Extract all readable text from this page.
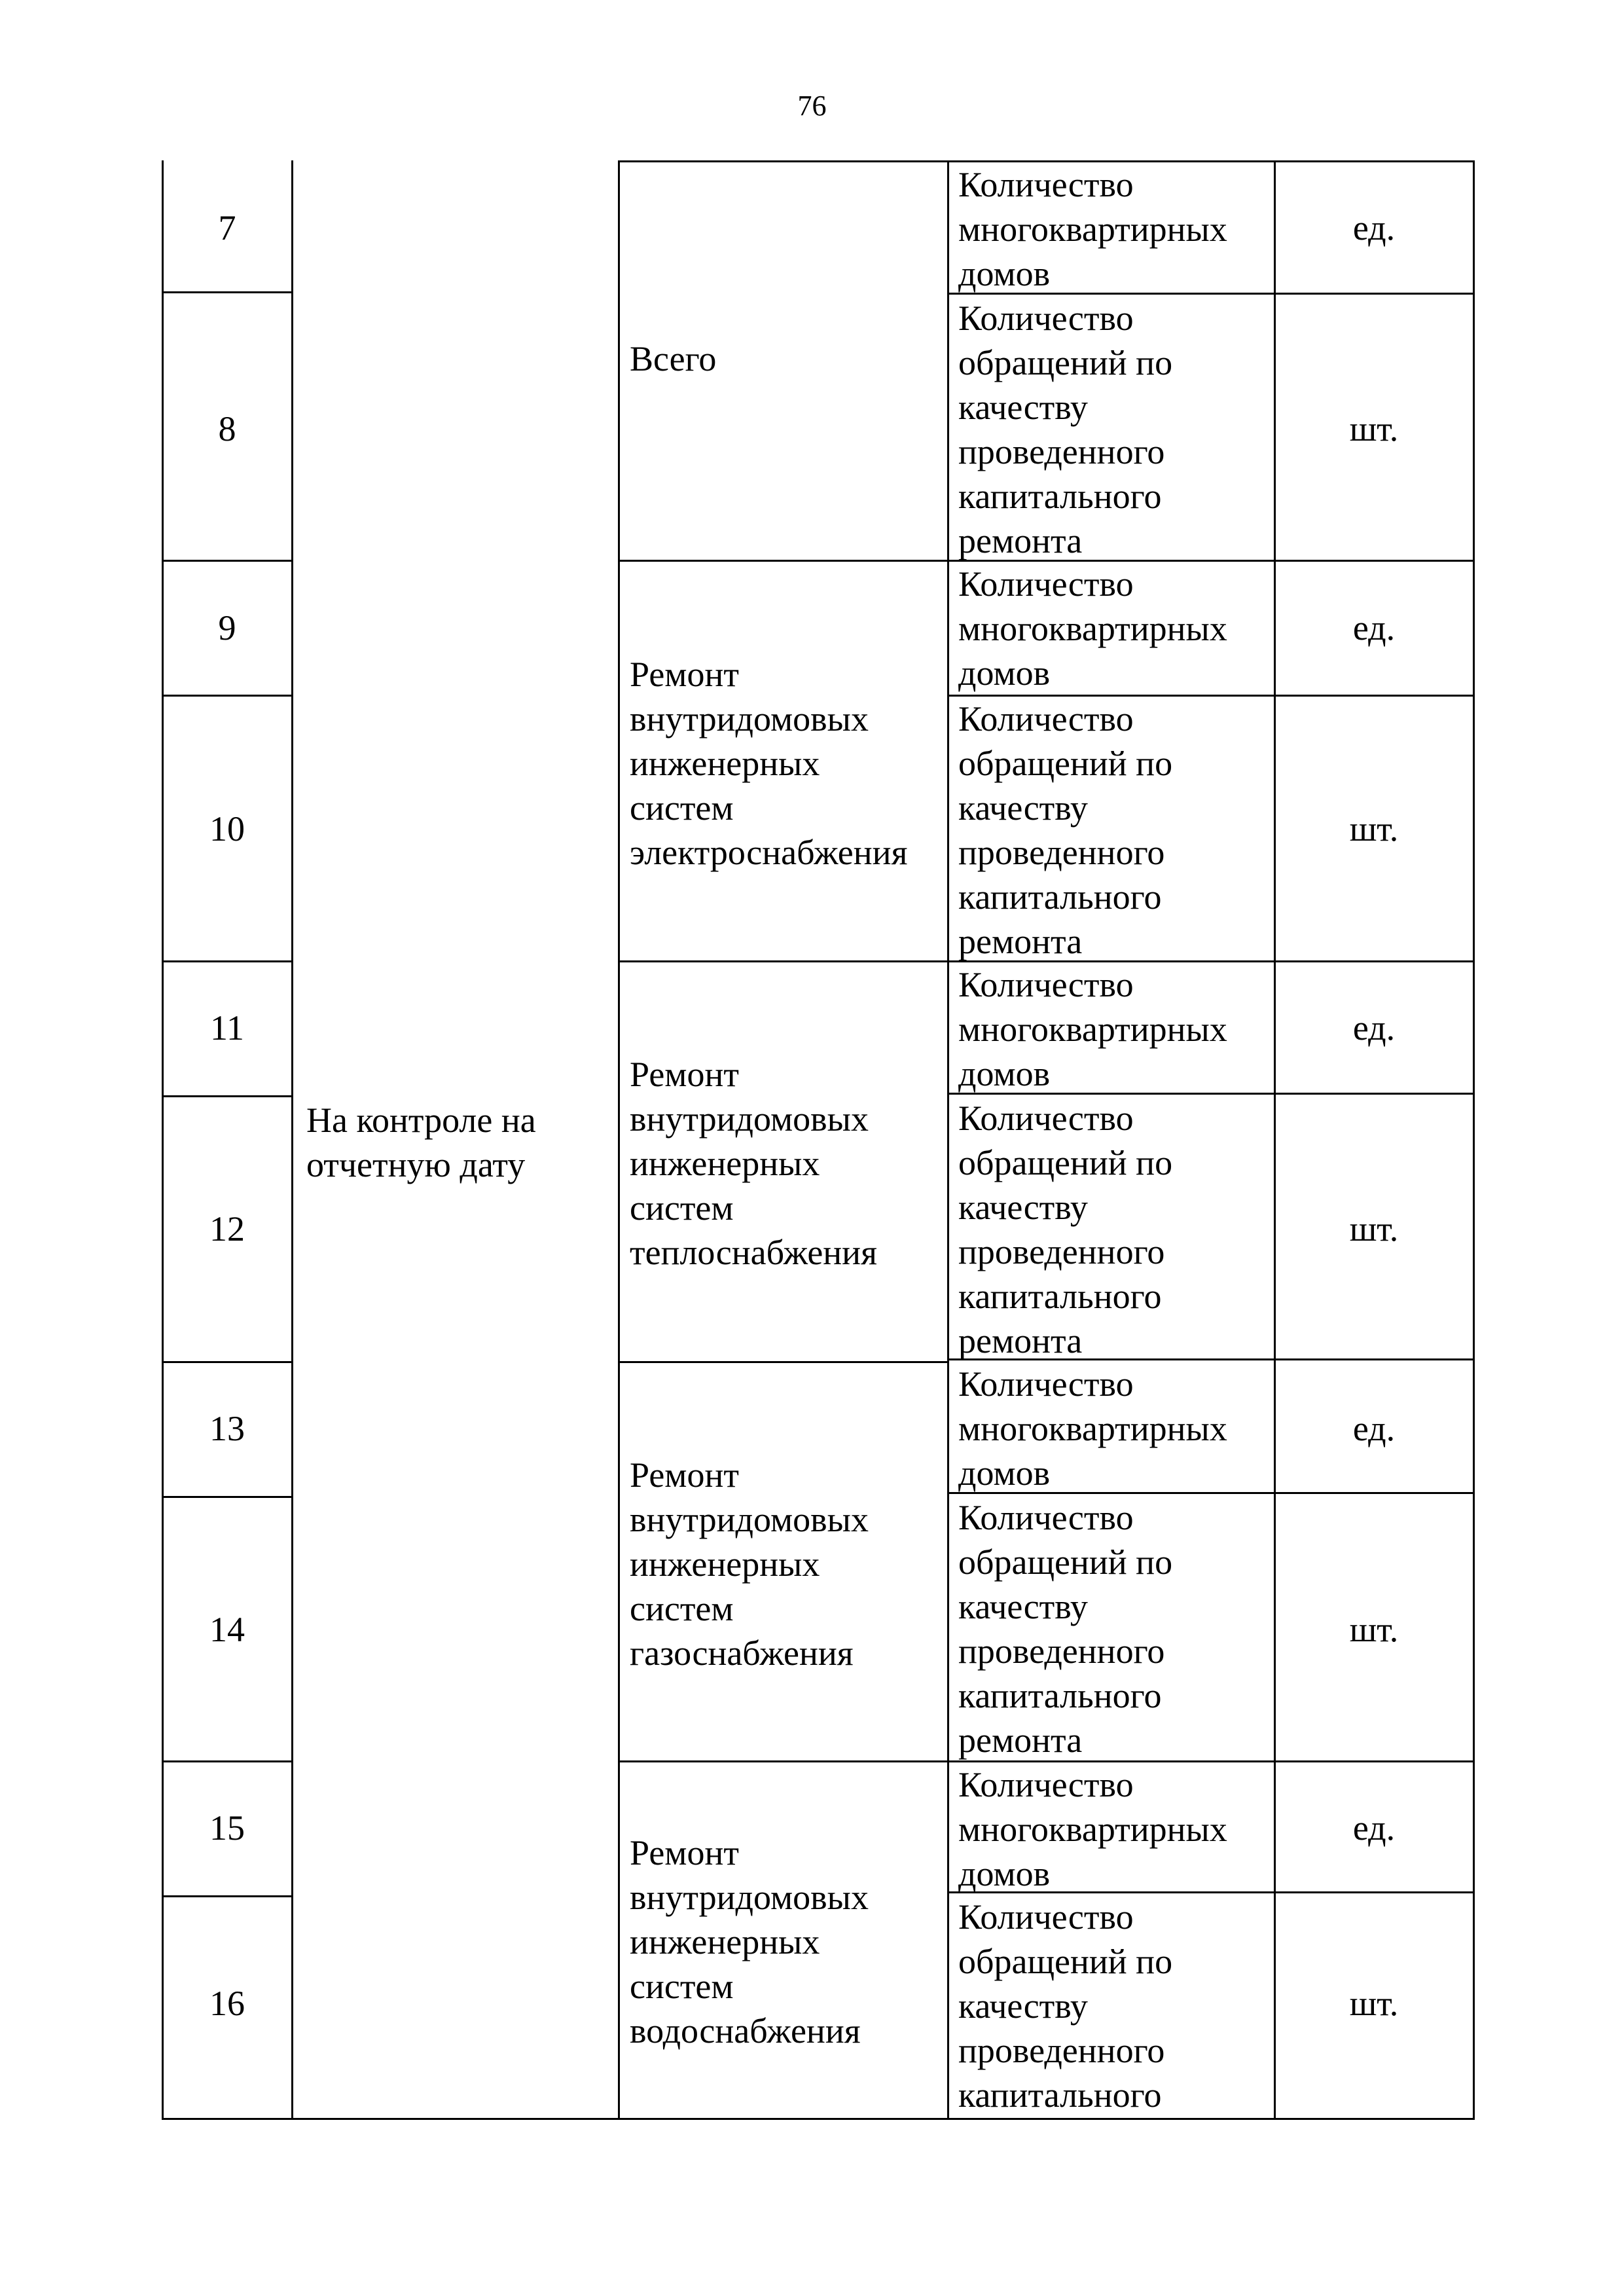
76
7
8
9
10
11
12
13
14
15
16
На контроле на
отчетную дату
Всего
Ремонт
внутридомовых
инженерных
систем
электроснабжения
Ремонт
внутридомовых
инженерных
систем
теплоснабжения
Ремонт
внутридомовых
инженерных
систем
газоснабжения
Ремонт
внутридомовых
инженерных
систем
водоснабжения
Количество
многоквартирных
домов
Количество
обращений по
качеству
проведенного
капитального
ремонта
Количество
многоквартирных
домов
Количество
обращений по
качеству
проведенного
капитального
ремонта
Количество
многоквартирных
домов
Количество
обращений по
качеству
проведенного
капитального
ремонта
Количество
многоквартирных
домов
Количество
обращений по
качеству
проведенного
капитального
ремонта
Количество
многоквартирных
домов
Количество
обращений по
качеству
проведенного
капитального
ед.
шт.
ед.
шт.
ед.
шт.
ед.
шт.
ед.
шт.
